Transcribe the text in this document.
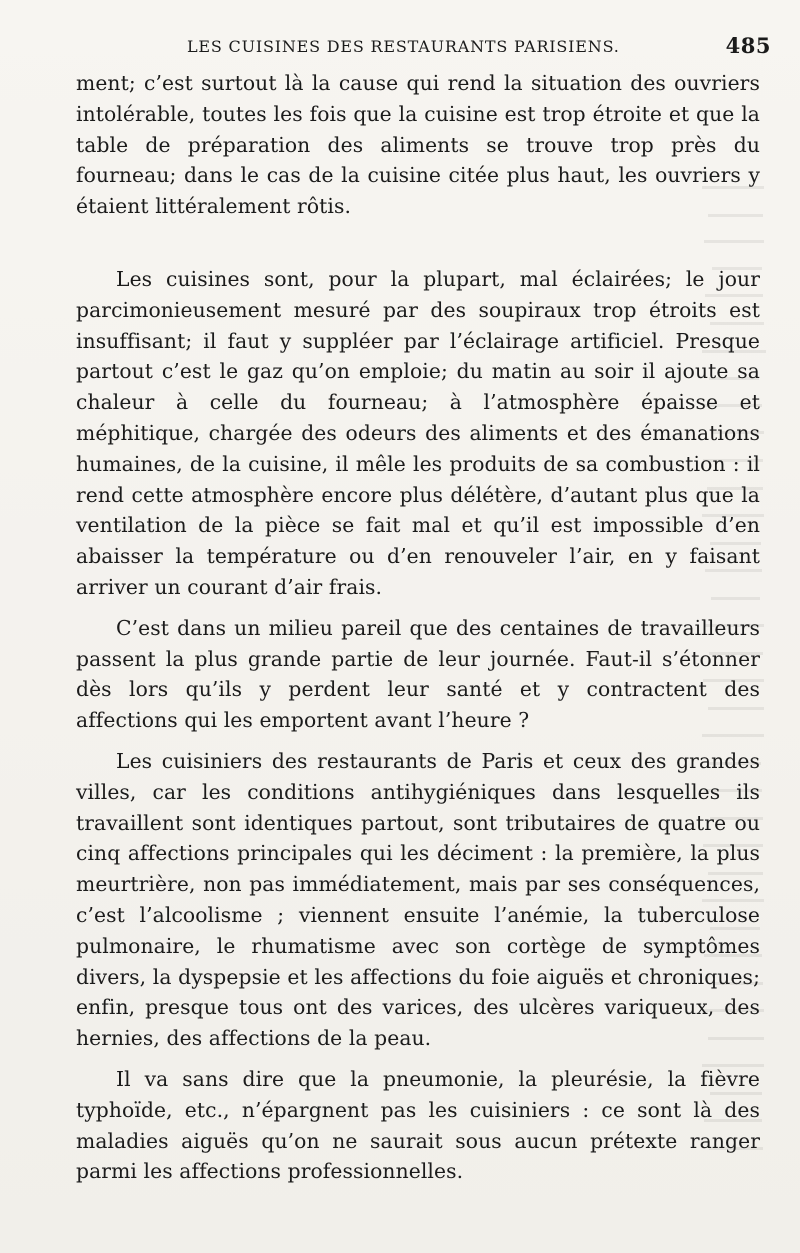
LES CUISINES DES RESTAURANTS PARISIENS.	485

ment; c’est surtout là la cause qui rend la situation des ouvriers intolérable, toutes les fois que la cuisine est trop étroite et que la table de préparation des aliments se trouve trop près du fourneau; dans le cas de la cuisine citée plus haut, les ouvriers y étaient littéralement rôtis.

Les cuisines sont, pour la plupart, mal éclairées; le jour parcimonieusement mesuré par des soupiraux trop étroits est insuffisant; il faut y suppléer par l’éclairage artificiel. Presque partout c’est le gaz qu’on emploie; du matin au soir il ajoute sa chaleur à celle du fourneau; à l’atmosphère épaisse et méphitique, chargée des odeurs des aliments et des émanations humaines, de la cuisine, il mêle les produits de sa combustion : il rend cette atmosphère encore plus délétère, d’autant plus que la ventilation de la pièce se fait mal et qu’il est impossible d’en abaisser la température ou d’en renouveler l’air, en y faisant arriver un courant d’air frais.

C’est dans un milieu pareil que des centaines de travailleurs passent la plus grande partie de leur journée. Faut-il s’étonner dès lors qu’ils y perdent leur santé et y contractent des affections qui les emportent avant l’heure ?

Les cuisiniers des restaurants de Paris et ceux des grandes villes, car les conditions antihygiéniques dans lesquelles ils travaillent sont identiques partout, sont tributaires de quatre ou cinq affections principales qui les déciment : la première, la plus meurtrière, non pas immédiatement, mais par ses conséquences, c’est l’alcoolisme ; viennent ensuite l’anémie, la tuberculose pulmonaire, le rhumatisme avec son cortège de symptômes divers, la dyspepsie et les affections du foie aiguës et chroniques; enfin, presque tous ont des varices, des ulcères variqueux, des hernies, des affections de la peau.

Il va sans dire que la pneumonie, la pleurésie, la fièvre typhoïde, etc., n’épargnent pas les cuisiniers : ce sont là des maladies aiguës qu’on ne saurait sous aucun prétexte ranger parmi les affections professionnelles.
